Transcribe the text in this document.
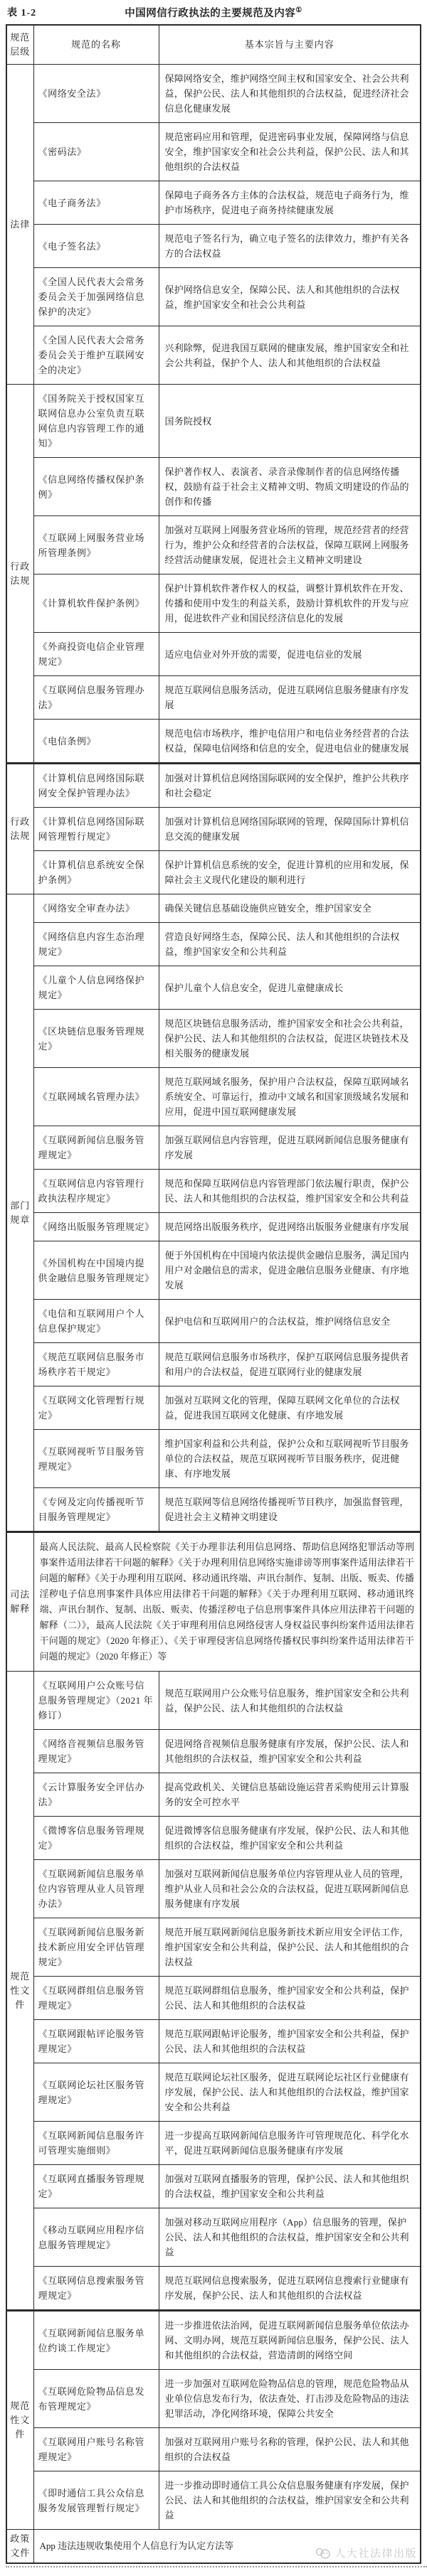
表 1-2	中国网信行政执法的主要规范及内容①
规范层级	规范的名称	基本宗旨与主要内容
法律	《网络安全法》	保障网络安全，维护网络空间主权和国家安全、社会公共利益，保护公民、法人和其他组织的合法权益，促进经济社会信息化健康发展
	《密码法》	规范密码应用和管理，促进密码事业发展，保障网络与信息安全，维护国家安全和社会公共利益，保护公民、法人和其他组织的合法权益
	《电子商务法》	保障电子商务各方主体的合法权益，规范电子商务行为，维护市场秩序，促进电子商务持续健康发展
	《电子签名法》	规范电子签名行为，确立电子签名的法律效力，维护有关各方的合法权益
	《全国人民代表大会常务委员会关于加强网络信息保护的决定》	保护网络信息安全，保障公民、法人和其他组织的合法权益，维护国家安全和社会公共利益
	《全国人民代表大会常务委员会关于维护互联网安全的决定》	兴利除弊，促进我国互联网的健康发展，维护国家安全和社会公共利益，保护个人、法人和其他组织的合法权益
行政法规	《国务院关于授权国家互联网信息办公室负责互联网信息内容管理工作的通知》	国务院授权
	《信息网络传播权保护条例》	保护著作权人、表演者、录音录像制作者的信息网络传播权，鼓励有益于社会主义精神文明、物质文明建设的作品的创作和传播
	《互联网上网服务营业场所管理条例》	加强对互联网上网服务营业场所的管理，规范经营者的经营行为，维护公众和经营者的合法权益，保障互联网上网服务经营活动健康发展，促进社会主义精神文明建设
	《计算机软件保护条例》	保护计算机软件著作权人的权益，调整计算机软件在开发、传播和使用中发生的利益关系，鼓励计算机软件的开发与应用，促进软件产业和国民经济信息化的发展
	《外商投资电信企业管理规定》	适应电信业对外开放的需要，促进电信业的发展
	《互联网信息服务管理办法》	规范互联网信息服务活动，促进互联网信息服务健康有序发展
	《电信条例》	规范电信市场秩序，维护电信用户和电信业务经营者的合法权益，保障电信网络和信息的安全，促进电信业的健康发展
行政法规	《计算机信息网络国际联网安全保护管理办法》	加强对计算机信息网络国际联网的安全保护，维护公共秩序和社会稳定
	《计算机信息网络国际联网管理暂行规定》	加强对计算机信息网络国际联网的管理，保障国际计算机信息交流的健康发展
	《计算机信息系统安全保护条例》	保护计算机信息系统的安全，促进计算机的应用和发展，保障社会主义现代化建设的顺利进行
部门规章	《网络安全审查办法》	确保关键信息基础设施供应链安全，维护国家安全
	《网络信息内容生态治理规定》	营造良好网络生态，保障公民、法人和其他组织的合法权益，维护国家安全和公共利益
	《儿童个人信息网络保护规定》	保护儿童个人信息安全，促进儿童健康成长
	《区块链信息服务管理规定》	规范区块链信息服务活动，维护国家安全和社会公共利益，保护公民、法人和其他组织的合法权益，促进区块链技术及相关服务的健康发展
	《互联网域名管理办法》	规范互联网域名服务，保护用户合法权益，保障互联网域名系统安全、可靠运行，推动中文域名和国家顶级域名发展和应用，促进中国互联网健康发展
	《互联网新闻信息服务管理规定》	加强互联网信息内容管理，促进互联网新闻信息服务健康有序发展
	《互联网信息内容管理行政执法程序规定》	规范和保障互联网信息内容管理部门依法履行职责，保护公民、法人和其他组织的合法权益，维护国家安全和公共利益
	《网络出版服务管理规定》	规范网络出版服务秩序，促进网络出版服务业健康有序发展
	《外国机构在中国境内提供金融信息服务管理规定》	便于外国机构在中国境内依法提供金融信息服务，满足国内用户对金融信息的需求，促进金融信息服务业健康、有序地发展
	《电信和互联网用户个人信息保护规定》	保护电信和互联网用户的合法权益，维护网络信息安全
	《规范互联网信息服务市场秩序若干规定》	规范互联网信息服务市场秩序，保护互联网信息服务提供者和用户的合法权益，促进互联网行业的健康发展
	《互联网文化管理暂行规定》	加强对互联网文化的管理，保障互联网文化单位的合法权益，促进我国互联网文化健康、有序地发展
	《互联网视听节目服务管理规定》	维护国家利益和公共利益，保护公众和互联网视听节目服务单位的合法权益，规范互联网视听节目服务秩序，促进健康、有序地发展
	《专网及定向传播视听节目服务管理规定》	规范互联网等信息网络传播视听节目秩序，加强监督管理，促进社会主义精神文明建设
司法解释	最高人民法院、最高人民检察院《关于办理非法利用信息网络、帮助信息网络犯罪活动等刑事案件适用法律若干问题的解释》《关于办理利用信息网络实施诽谤等刑事案件适用法律若干问题的解释》《关于办理利用互联网、移动通讯终端、声讯台制作、复制、出版、贩卖、传播淫秽电子信息刑事案件具体应用法律若干问题的解释》《关于办理利用互联网、移动通讯终端、声讯台制作、复制、出版、贩卖、传播淫秽电子信息刑事案件具体应用法律若干问题的解释（二）》，最高人民法院《关于审理利用信息网络侵害人身权益民事纠纷案件适用法律若干问题的规定》（2020 年修正）、《关于审理侵害信息网络传播权民事纠纷案件适用法律若干问题的规定》（2020 年修正）等	
规范性文件	《互联网用户公众账号信息服务管理规定》（2021 年修订）	规范互联网用户公众账号信息服务，维护国家安全和公共利益，保护公民、法人和其他组织的合法权益
	《网络音视频信息服务管理规定》	促进网络音视频信息服务健康有序发展，保护公民、法人和其他组织的合法权益，维护国家安全和公共利益
	《云计算服务安全评估办法》	提高党政机关、关键信息基础设施运营者采购使用云计算服务的安全可控水平
	《微博客信息服务管理规定》	促进微博客信息服务健康有序发展，保护公民、法人和其他组织的合法权益，维护国家安全和公共利益
	《互联网新闻信息服务单位内容管理从业人员管理办法》	加强对互联网新闻信息服务单位内容管理从业人员的管理，维护从业人员和社会公众的合法权益，促进互联网新闻信息服务健康有序发展
	《互联网新闻信息服务新技术新应用安全评估管理规定》	规范开展互联网新闻信息服务新技术新应用安全评估工作，维护国家安全和公共利益，保护公民、法人和其他组织的合法权益
	《互联网群组信息服务管理规定》	规范互联网群组信息服务，维护国家安全和公共利益，保护公民、法人和其他组织的合法权益
	《互联网跟帖评论服务管理规定》	规范互联网跟帖评论服务，维护国家安全和公共利益，保护公民、法人和其他组织的合法权益
	《互联网论坛社区服务管理规定》	规范互联网论坛社区服务，促进互联网论坛社区行业健康有序发展，保护公民、法人和其他组织的合法权益，维护国家安全和公共利益
	《互联网新闻信息服务许可管理实施细则》	进一步提高互联网新闻信息服务许可管理规范化、科学化水平，促进互联网新闻信息服务健康有序发展
	《互联网直播服务管理规定》	加强对互联网直播服务的管理，保护公民、法人和其他组织的合法权益，维护国家安全和公共利益
	《移动互联网应用程序信息服务管理规定》	加强对移动互联网应用程序（App）信息服务的管理，保护公民、法人和其他组织的合法权益，维护国家安全和公共利益
	《互联网信息搜索服务管理规定》	规范互联网信息搜索服务，促进互联网信息搜索行业健康有序发展，保护公民、法人和其他组织的合法权益
规范性文件	《互联网新闻信息服务单位约谈工作规定》	进一步推进依法治网，促进互联网新闻信息服务单位依法办网、文明办网，规范互联网新闻信息服务，保护公民、法人和其他组织的合法权益，营造清朗的网络空间
	《互联网危险物品信息发布管理规定》	进一步加强对互联网危险物品信息的管理，规范危险物品从业单位信息发布行为，依法查处、打击涉及危险物品的违法犯罪活动，净化网络环境，保障公共安全
	《互联网用户账号名称管理规定》	加强对互联网用户账号名称的管理，保护公民、法人和其他组织的合法权益
	《即时通信工具公众信息服务发展管理暂行规定》	进一步推动即时通信工具公众信息服务健康有序发展，保护公民、法人和其他组织的合法权益，维护国家安全和公共利益
政策文件	App 违法违规收集使用个人信息行为认定方法等	
人大社法律出版
